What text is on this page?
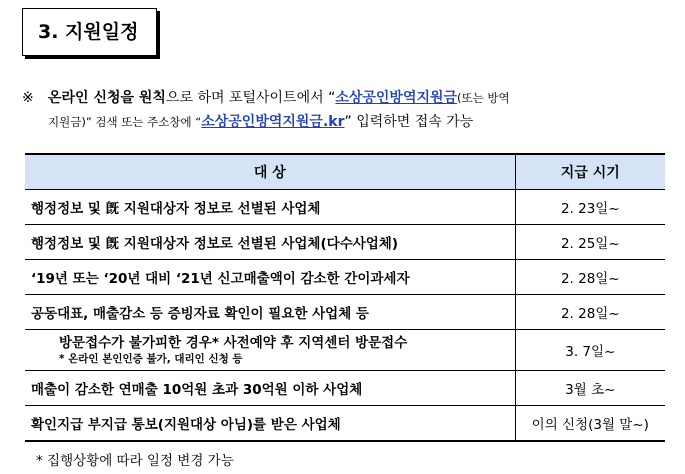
3. 지원일정
※ 온라인 신청을 원칙으로 하며 포털사이트에서 “소상공인방역지원금(또는 방역
지원금)” 검색 또는 주소창에 “소상공인방역지원금.kr” 입력하면 접속 가능
대 상	지급 시기
행정정보 및 旣 지원대상자 정보로 선별된 사업체	2. 23일~
행정정보 및 旣 지원대상자 정보로 선별된 사업체(다수사업체)	2. 25일~
‘19년 또는 ‘20년 대비 ‘21년 신고매출액이 감소한 간이과세자	2. 28일~
공동대표, 매출감소 등 증빙자료 확인이 필요한 사업체 등	2. 28일~

방문접수가 불가피한 경우* 사전예약 후 지역센터 방문접수
* 온라인 본인인증 불가, 대리인 신청 등	3. 7일~
매출이 감소한 연매출 10억원 초과 30억원 이하 사업체	3월 초~
확인지급 부지급 통보(지원대상 아님)를 받은 사업체	이의 신청(3월 말~)
* 집행상황에 따라 일정 변경 가능
